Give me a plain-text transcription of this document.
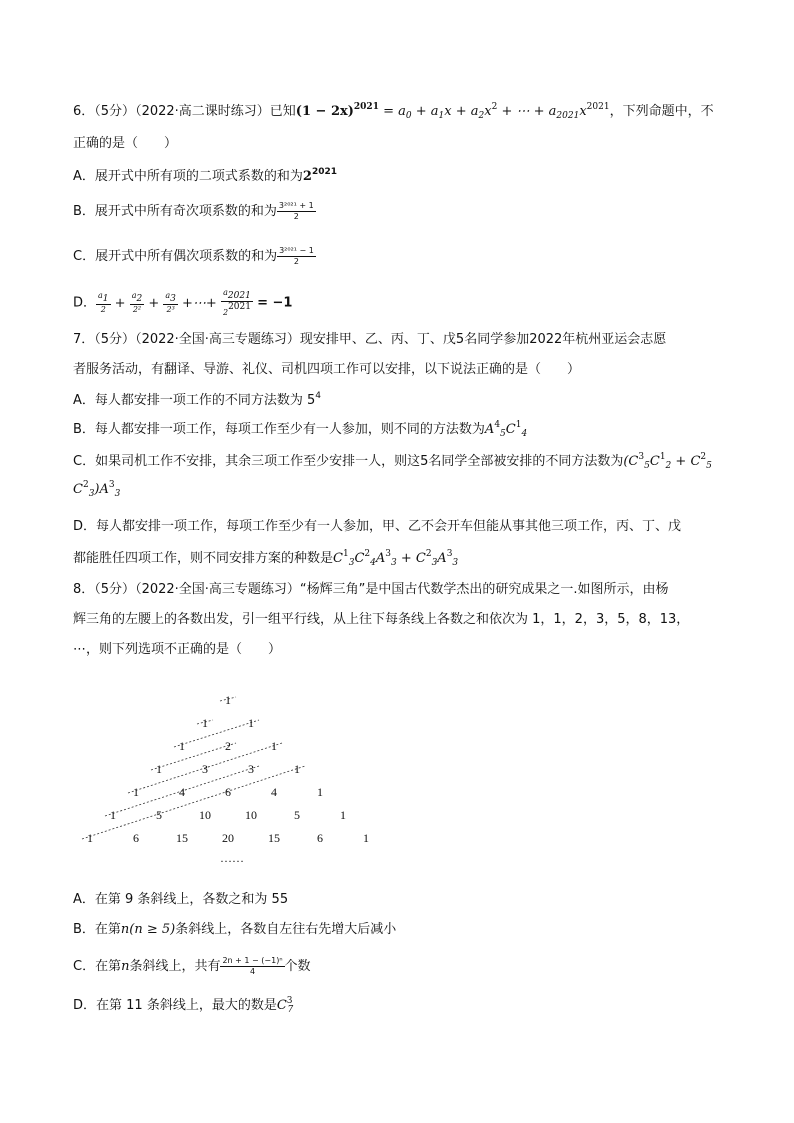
6．（5分）（2022·高二课时练习）已知$(1 - 2x)^{2021} = a_0 + a_1x + a_2x^2$ + ⋯ + $a_{2021}x^{2021}$，下列命题中，不
正确的是（　　）
A．展开式中所有项的二项式系数的和为$2^{2021}$
B．展开式中所有奇次项系数的和为 $\frac{\text{3²⁰²¹ + 1}}{2}$
C．展开式中所有偶次项系数的和为 $\frac{\text{3²⁰²¹ − 1}}{2}$
D． $\frac{a_1}{2} + \frac{a_2}{\text{2²}} + \frac{a_3}{\text{2³}}$ +⋯+ $\frac{a_{2021}}{2^{2021}} = -1$
7．（5分）（2022·全国·高三专题练习）现安排甲、乙、丙、丁、戊5名同学参加2022年杭州亚运会志愿
者服务活动，有翻译、导游、礼仪、司机四项工作可以安排，以下说法正确的是（　　）
A．每人都安排一项工作的不同方法数为 $5^4$
B．每人都安排一项工作，每项工作至少有一人参加，则不同的方法数为$A^4_5C^1_4$
C．如果司机工作不安排，其余三项工作至少安排一人，则这5名同学全部被安排的不同方法数为($C^3_5C^1_2 + C^2_5$
$C^2_3)A^3_3$
D．每人都安排一项工作，每项工作至少有一人参加，甲、乙不会开车但能从事其他三项工作，丙、丁、戊
都能胜任四项工作，则不同安排方案的种数是$C^1_3C^2_4A^3_3 + C^2_3A^3_3$
8．（5分）（2022·全国·高三专题练习）“杨辉三角”是中国古代数学杰出的研究成果之一.如图所示，由杨
辉三角的左腰上的各数出发，引一组平行线，从上往下每条线上各数之和依次为 1，1，2，3，5，8，13，
⋯，则下列选项不正确的是（　　）
1
1	1
1	2	1
1	3	3	1
1	4	6	4	1
1	5	10	10	5	1
1	6	15	20	15	6	1
……
A．在第 9 条斜线上，各数之和为 55
B．在第n(n ≥ 5)条斜线上，各数自左往右先增大后减小
C．在第n条斜线上，共有 $\frac{\text{2n + 1 − (−1)ⁿ}}{4}$ 个数
D．在第 11 条斜线上，最大的数是$C^3_7$
